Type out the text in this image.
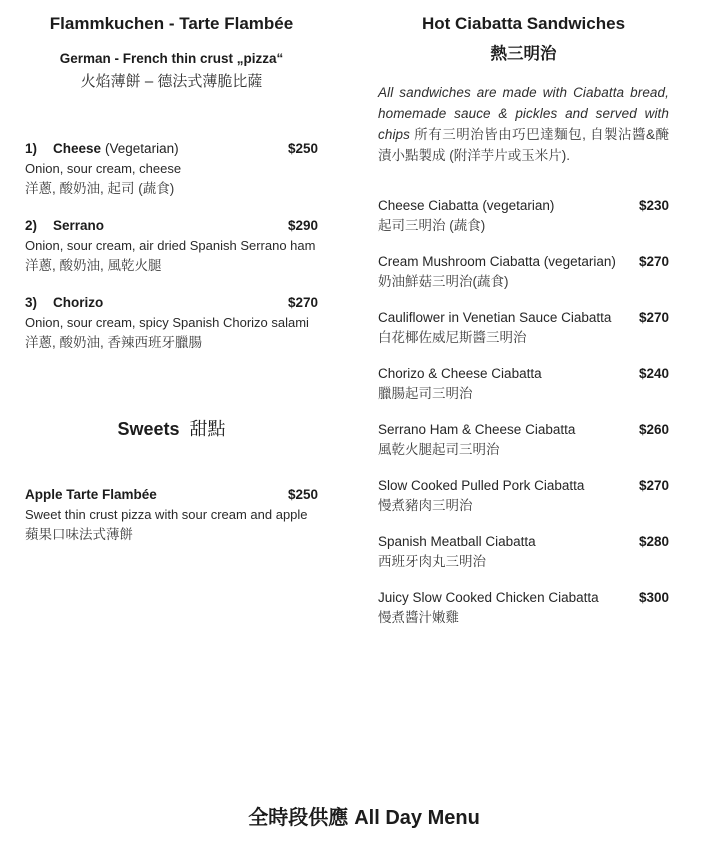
Flammkuchen - Tarte Flambée

German - French thin crust „pizza“

火焰薄餅 – 德法式薄脆比薩

1)	Cheese (Vegetarian)	$250
Onion, sour cream, cheese
洋蔥, 酸奶油, 起司 (蔬食)
2)	Serrano	$290
Onion, sour cream, air dried Spanish Serrano ham
洋蔥, 酸奶油, 風乾火腿
3)	Chorizo	$270
Onion, sour cream, spicy Spanish Chorizo salami
洋蔥, 酸奶油, 香辣西班牙臘腸
Sweets 甜點
Apple Tarte Flambée	$250
Sweet thin crust pizza with sour cream and apple
蘋果口味法式薄餅
Hot Ciabatta Sandwiches

熱三明治

All sandwiches are made with Ciabatta bread, homemade sauce & pickles and served with chips 所有三明治皆由巧巴達麵包, 自製沾醬&醃漬小點製成 (附洋芋片或玉米片).

Cheese Ciabatta (vegetarian)	$230
起司三明治 (蔬食)
Cream Mushroom Ciabatta (vegetarian)	$270
奶油鮮菇三明治(蔬食)
Cauliflower in Venetian Sauce Ciabatta	$270
白花椰佐威尼斯醬三明治
Chorizo & Cheese Ciabatta	$240
臘腸起司三明治
Serrano Ham & Cheese Ciabatta	$260
風乾火腿起司三明治
Slow Cooked Pulled Pork Ciabatta	$270
慢煮豬肉三明治
Spanish Meatball Ciabatta	$280
西班牙肉丸三明治
Juicy Slow Cooked Chicken Ciabatta	$300
慢煮醬汁嫩雞
全時段供應 All Day Menu
